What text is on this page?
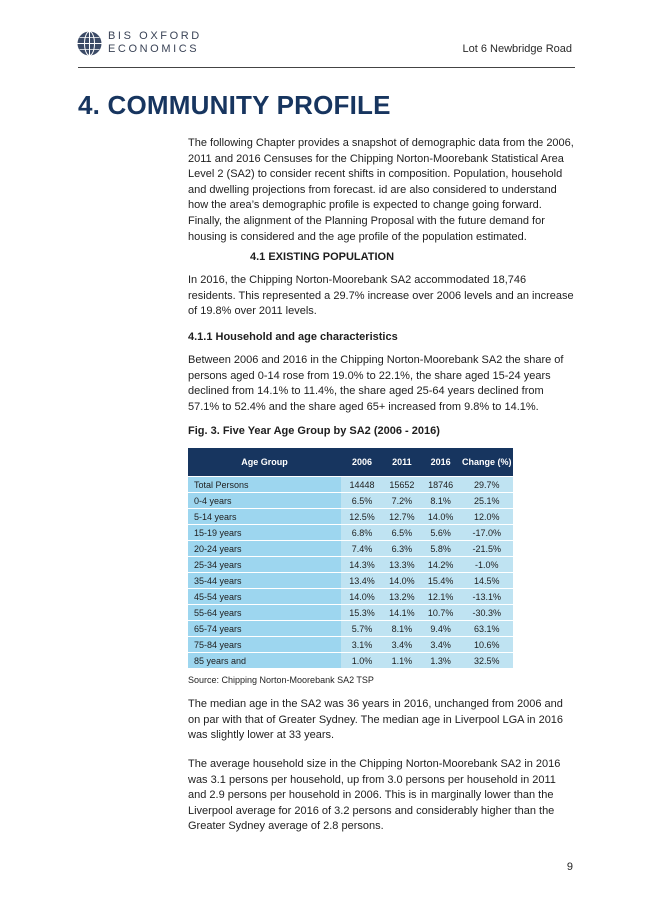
BIS OXFORD
ECONOMICS	Lot 6 Newbridge Road
4. COMMUNITY PROFILE

The following Chapter provides a snapshot of demographic data from the 2006, 2011 and 2016 Censuses for the Chipping Norton-Moorebank Statistical Area Level 2 (SA2) to consider recent shifts in composition. Population, household and dwelling projections from forecast. id are also considered to understand how the area’s demographic profile is expected to change going forward. Finally, the alignment of the Planning Proposal with the future demand for housing is considered and the age profile of the population estimated.

4.1 EXISTING POPULATION

In 2016, the Chipping Norton-Moorebank SA2 accommodated 18,746 residents. This represented a 29.7% increase over 2006 levels and an increase of 19.8% over 2011 levels.

4.1.1 Household and age characteristics

Between 2006 and 2016 in the Chipping Norton-Moorebank SA2 the share of persons aged 0-14 rose from 19.0% to 22.1%, the share aged 15-24 years declined from 14.1% to 11.4%, the share aged 25-64 years declined from 57.1% to 52.4% and the share aged 65+ increased from 9.8% to 14.1%.

Fig. 3. Five Year Age Group by SA2 (2006 - 2016)
Age Group	2006	2011	2016	Change (%)
Total Persons	14448	15652	18746	29.7%
0-4 years	6.5%	7.2%	8.1%	25.1%
5-14 years	12.5%	12.7%	14.0%	12.0%
15-19 years	6.8%	6.5%	5.6%	-17.0%
20-24 years	7.4%	6.3%	5.8%	-21.5%
25-34 years	14.3%	13.3%	14.2%	-1.0%
35-44 years	13.4%	14.0%	15.4%	14.5%
45-54 years	14.0%	13.2%	12.1%	-13.1%
55-64 years	15.3%	14.1%	10.7%	-30.3%
65-74 years	5.7%	8.1%	9.4%	63.1%
75-84 years	3.1%	3.4%	3.4%	10.6%
85 years and	1.0%	1.1%	1.3%	32.5%
Source: Chipping Norton-Moorebank SA2 TSP

The median age in the SA2 was 36 years in 2016, unchanged from 2006 and on par with that of Greater Sydney. The median age in Liverpool LGA in 2016 was slightly lower at 33 years.

The average household size in the Chipping Norton-Moorebank SA2 in 2016 was 3.1 persons per household, up from 3.0 persons per household in 2011 and 2.9 persons per household in 2006. This is in marginally lower than the Liverpool average for 2016 of 3.2 persons and considerably higher than the Greater Sydney average of 2.8 persons.

9
